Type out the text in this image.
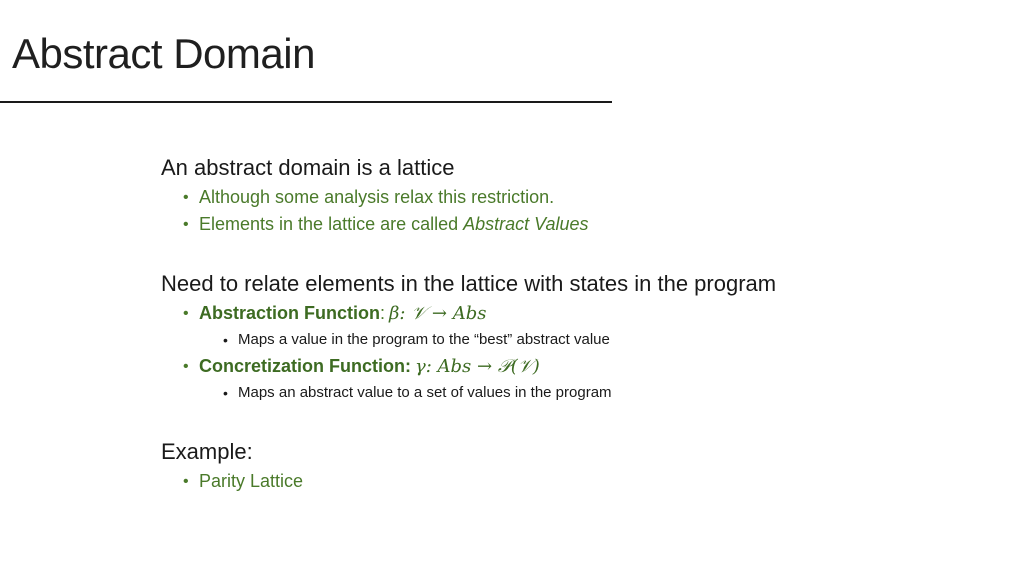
Abstract Domain
An abstract domain is a lattice
• Although some analysis relax this restriction.
• Elements in the lattice are called Abstract Values
Need to relate elements in the lattice with states in the program
• Abstraction Function: β: 𝒱 → Abs
• Maps a value in the program to the “best” abstract value
• Concretization Function: γ: Abs → 𝒫(𝒱)
• Maps an abstract value to a set of values in the program
Example:
• Parity Lattice
